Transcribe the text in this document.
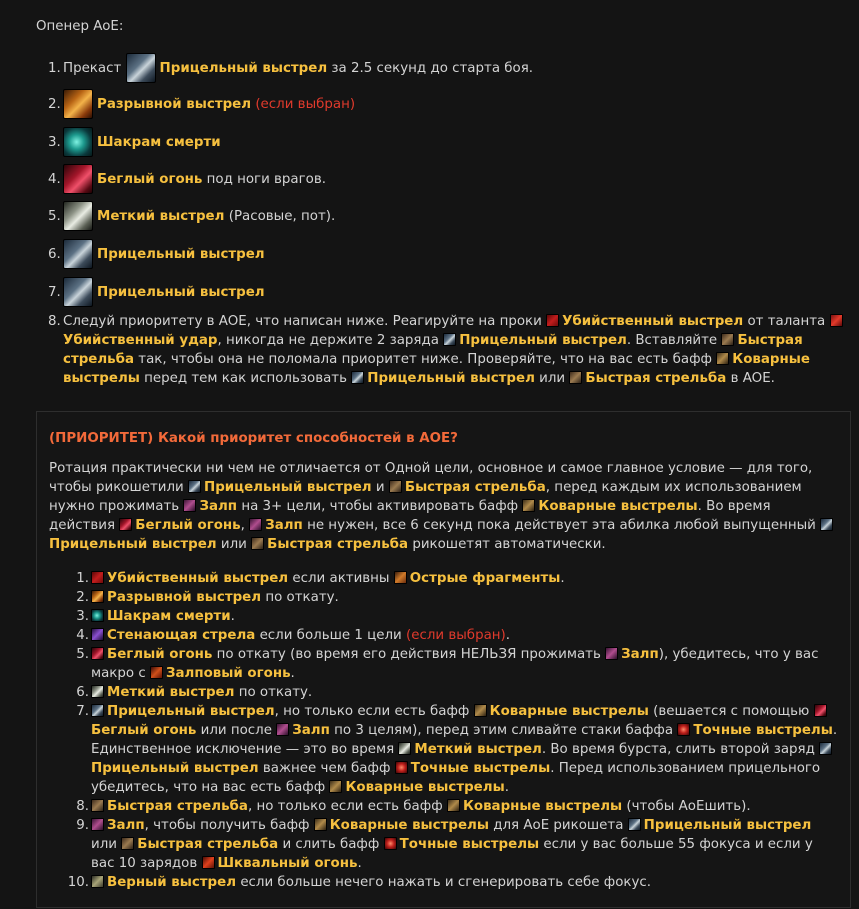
Опенер AoE:
1. Прекаст
	Прицельный выстрел
за 2.5 секунд до старта боя.
2.	Разрывной выстрел
(если выбран)
3.	Шакрам смерти
4.	Беглый огонь
под ноги врагов.
5.	Меткий выстрел
(Расовые, пот).
6.	Прицельный выстрел
7.	Прицельный выстрел
8. Следуй приоритету в AOE, что написан ниже. Реагируйте на проки Убийственный выстрел от таланта Убийственный удар, никогда не держите 2 заряда Прицельный выстрел. Вставляйте Быстрая стрельба так, чтобы она не поломала приоритет ниже. Проверяйте, что на вас есть бафф Коварные выстрелы перед тем как использовать Прицельный выстрел или Быстрая стрельба в AOE.
(ПРИОРИТЕТ) Какой приоритет способностей в AOE?
Ротация практически ни чем не отличается от Одной цели, основное и самое главное условие — для того, чтобы рикошетили Прицельный выстрел и Быстрая стрельба, перед каждым их использованием нужно прожимать Залп на 3+ цели, чтобы активировать бафф Коварные выстрелы. Во время действия Беглый огонь, Залп не нужен, все 6 секунд пока действует эта абилка любой выпущенный Прицельный выстрел или Быстрая стрельба рикошетят автоматически.
1. Убийственный выстрел если активны Острые фрагменты.
2. Разрывной выстрел по откату.
3. Шакрам смерти.
4. Стенающая стрела если больше 1 цели (если выбран).
5. Беглый огонь по откату (во время его действия НЕЛЬЗЯ прожимать Залп), убедитесь, что у вас макро с Залповый огонь.
6. Меткий выстрел по откату.
7. Прицельный выстрел, но только если есть бафф Коварные выстрелы (вешается с помощью Беглый огонь или после Залп по 3 целям), перед этим сливайте стаки баффа Точные выстрелы. Единственное исключение — это во время Меткий выстрел. Во время бурста, слить второй заряд Прицельный выстрел важнее чем бафф Точные выстрелы. Перед использованием прицельного убедитесь, что на вас есть бафф Коварные выстрелы.
8. Быстрая стрельба, но только если есть бафф Коварные выстрелы (чтобы АоЕшить).
9. Залп, чтобы получить бафф Коварные выстрелы для АоЕ рикошета Прицельный выстрел или Быстрая стрельба и слить бафф Точные выстрелы если у вас больше 55 фокуса и если у вас 10 зарядов Шквальный огонь.
10. Верный выстрел если больше нечего нажать и сгенерировать себе фокус.
